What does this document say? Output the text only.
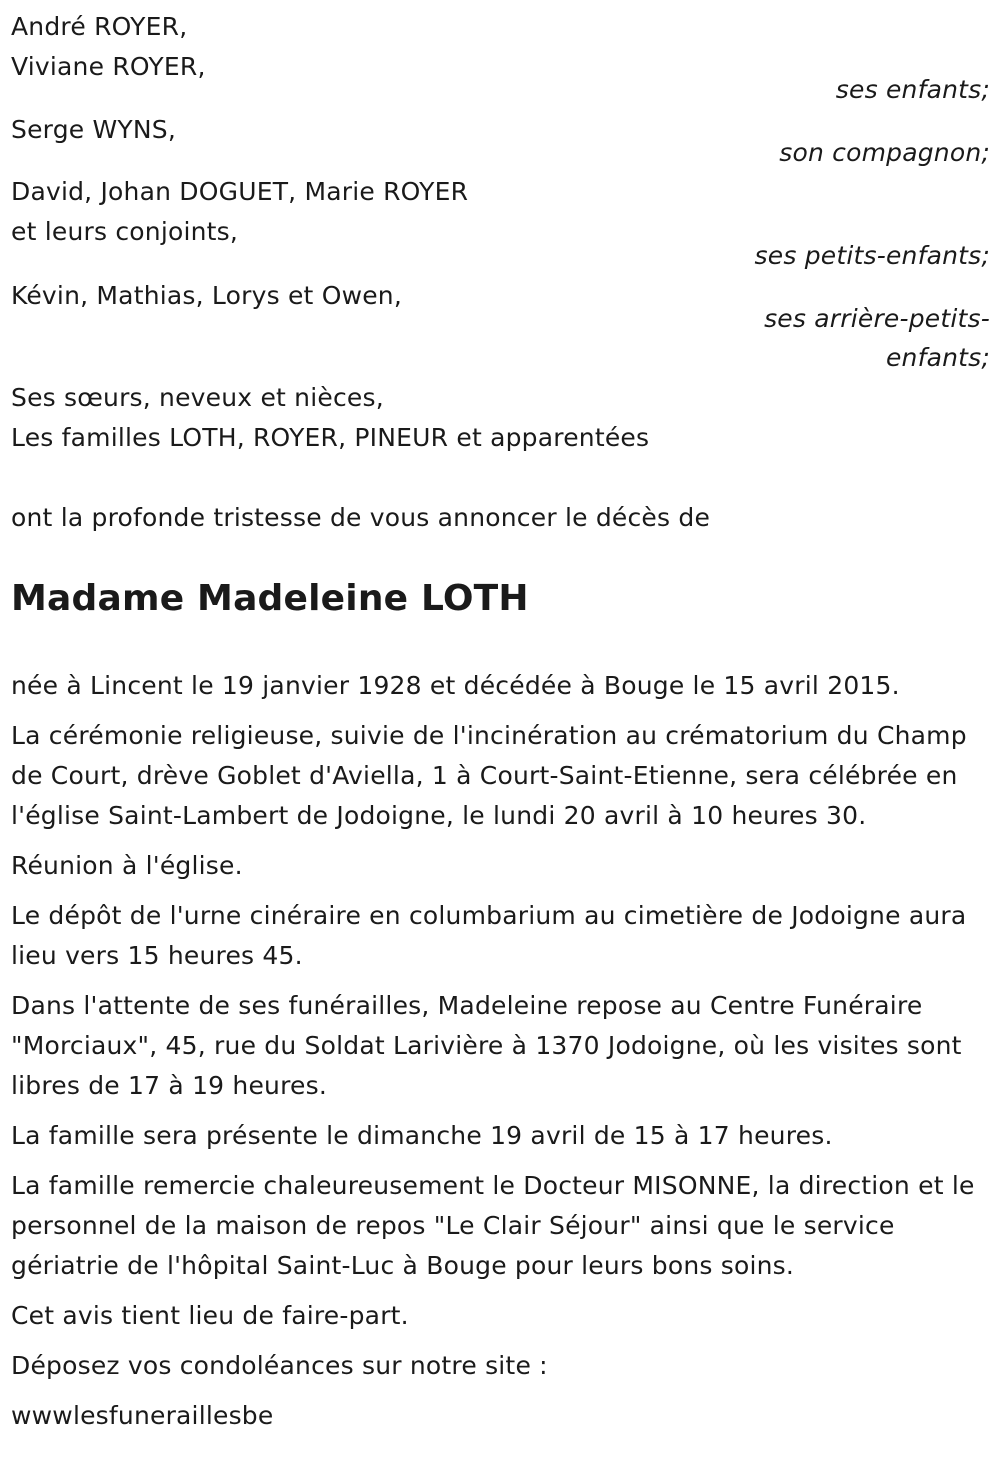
André ROYER,
Viviane ROYER,
ses enfants;
Serge WYNS,
son compagnon;
David, Johan DOGUET, Marie ROYER
et leurs conjoints,
ses petits-enfants;
Kévin, Mathias, Lorys et Owen,
ses arrière-petits-
enfants;
Ses sœurs, neveux et nièces,
Les familles LOTH, ROYER, PINEUR et apparentées
ont la profonde tristesse de vous annoncer le décès de
Madame Madeleine LOTH

née à Lincent le 19 janvier 1928 et décédée à Bouge le 15 avril 2015.

La cérémonie religieuse, suivie de l'incinération au crématorium du Champ de Court, drève Goblet d'Aviella, 1 à Court-Saint-Etienne, sera célébrée en l'église Saint-Lambert de Jodoigne, le lundi 20 avril à 10 heures 30.

Réunion à l'église.

Le dépôt de l'urne cinéraire en columbarium au cimetière de Jodoigne aura lieu vers 15 heures 45.

Dans l'attente de ses funérailles, Madeleine repose au Centre Funéraire "Morciaux", 45, rue du Soldat Larivière à 1370 Jodoigne, où les visites sont libres de 17 à 19 heures.

La famille sera présente le dimanche 19 avril de 15 à 17 heures.

La famille remercie chaleureusement le Docteur MISONNE, la direction et le personnel de la maison de repos "Le Clair Séjour" ainsi que le service gériatrie de l'hôpital Saint-Luc à Bouge pour leurs bons soins.

Cet avis tient lieu de faire-part.

Déposez vos condoléances sur notre site :

wwwlesfuneraillesbe
